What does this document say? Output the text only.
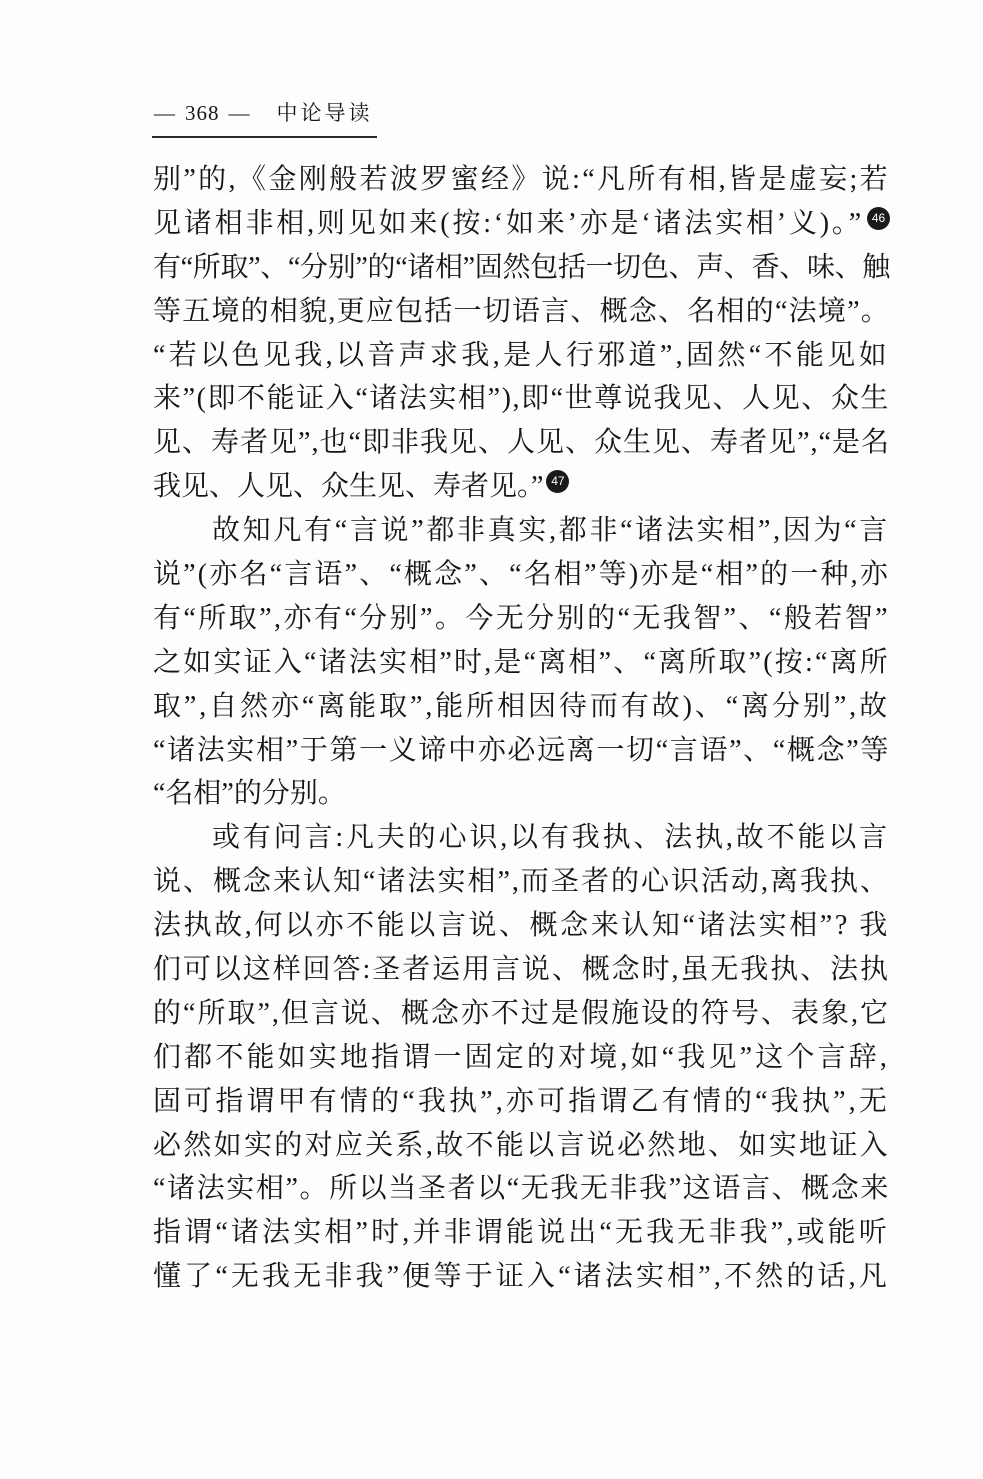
— 368 — 中论导读
别”的,《金刚般若波罗蜜经》说:“凡所有相,皆是虚妄;若
见诸相非相,则见如来(按:‘如来’亦是‘诸法实相’义)。” 46
有“所取”、“分别”的“诸相”固然包括一切色、声、香、味、触
等五境的相貌,更应包括一切语言、概念、名相的“法境”。
“若以色见我,以音声求我,是人行邪道”,固然“不能见如
来”(即不能证入“诸法实相”),即“世尊说我见、人见、众生
见、寿者见”,也“即非我见、人见、众生见、寿者见”,“是名
我见、人见、众生见、寿者见。” 47
故知凡有“言说”都非真实,都非“诸法实相”,因为“言
说”(亦名“言语”、“概念”、“名相”等)亦是“相”的一种,亦
有“所取”,亦有“分别”。今无分别的“无我智”、“般若智”
之如实证入“诸法实相”时,是“离相”、“离所取”(按:“离所
取”,自然亦“离能取”,能所相因待而有故)、“离分别”,故
“诸法实相”于第一义谛中亦必远离一切“言语”、“概念”等
“名相”的分别。
或有问言:凡夫的心识,以有我执、法执,故不能以言
说、概念来认知“诸法实相”,而圣者的心识活动,离我执、
法执故,何以亦不能以言说、概念来认知“诸法实相”? 我
们可以这样回答:圣者运用言说、概念时,虽无我执、法执
的“所取”,但言说、概念亦不过是假施设的符号、表象,它
们都不能如实地指谓一固定的对境,如“我见”这个言辞,
固可指谓甲有情的“我执”,亦可指谓乙有情的“我执”,无
必然如实的对应关系,故不能以言说必然地、如实地证入
“诸法实相”。所以当圣者以“无我无非我”这语言、概念来
指谓“诸法实相”时,并非谓能说出“无我无非我”,或能听
懂了“无我无非我”便等于证入“诸法实相”,不然的话,凡
